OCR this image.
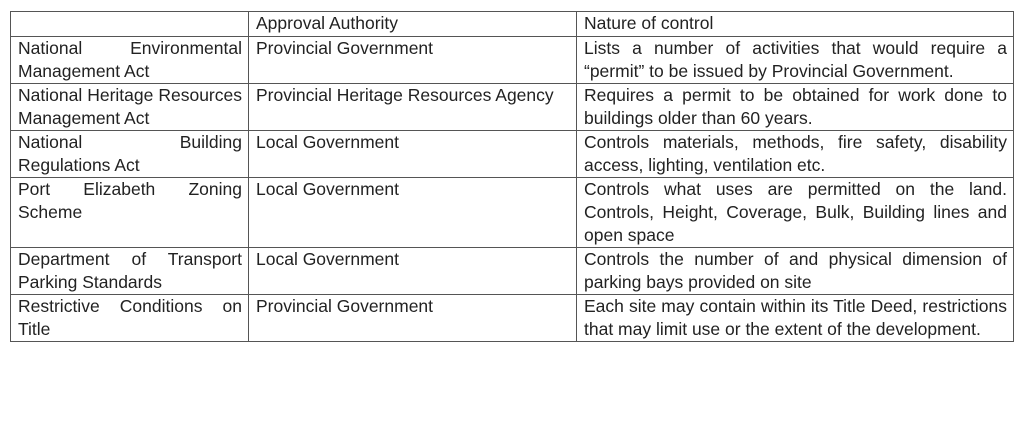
	Approval Authority	Nature of control
National Environmental Management Act	Provincial Government	Lists a number of activities that would require a “permit” to be issued by Provincial Government.
National Heritage Resources Management Act	Provincial Heritage Resources Agency	Requires a permit to be obtained for work done to buildings older than 60 years.
National Building Regulations Act	Local Government	Controls materials, methods, fire safety, disability access, lighting, ventilation etc.
Port Elizabeth Zoning Scheme	Local Government	Controls what uses are permitted on the land. Controls, Height, Coverage, Bulk, Building lines and open space
Department of Transport Parking Standards	Local Government	Controls the number of and physical dimension of parking bays provided on site
Restrictive Conditions on Title	Provincial Government	Each site may contain within its Title Deed, restrictions that may limit use or the extent of the development.
